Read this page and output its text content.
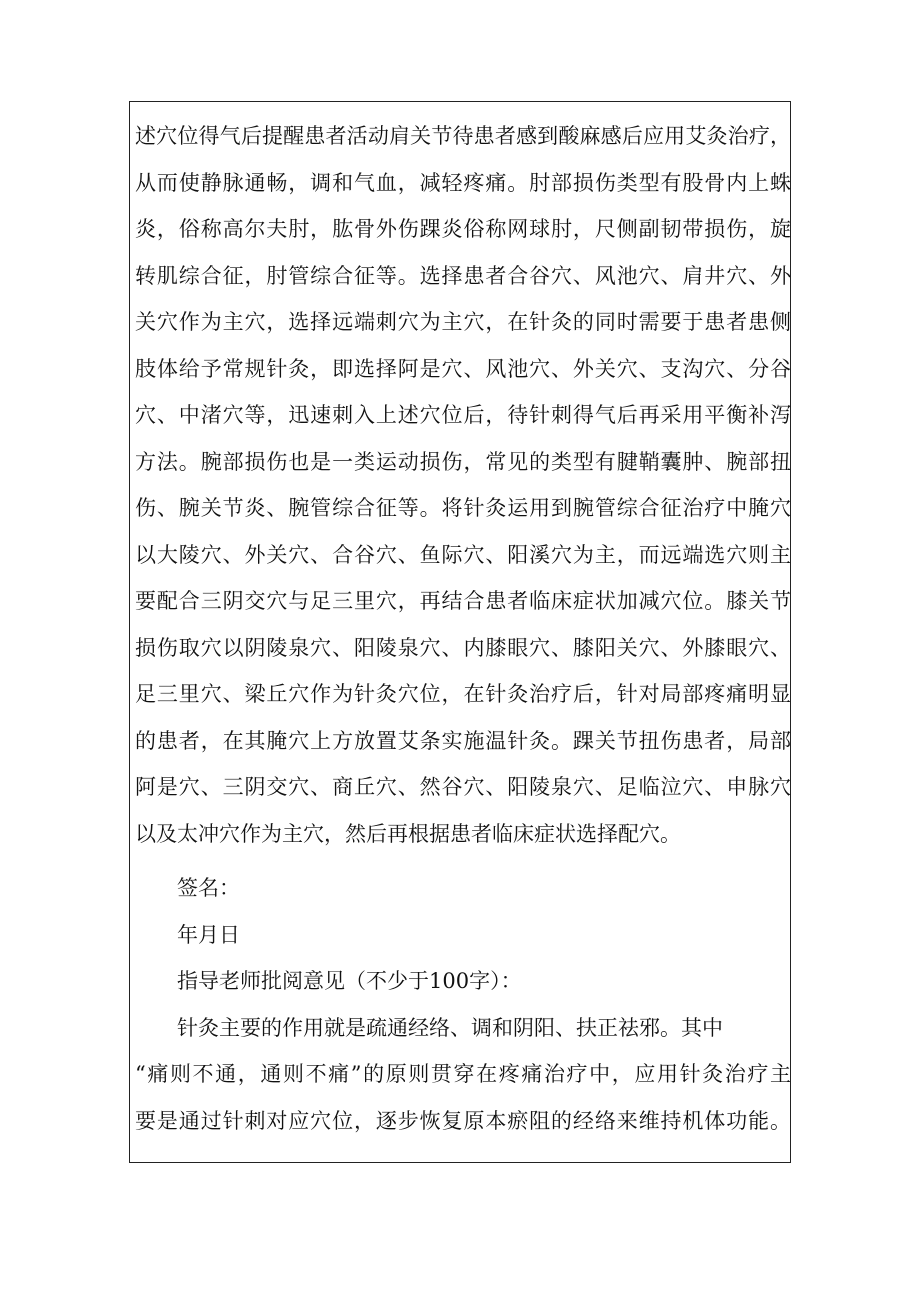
述穴位得气后提醒患者活动肩关节待患者感到酸麻感后应用艾灸治疗，
从而使静脉通畅，调和气血，减轻疼痛。肘部损伤类型有股骨内上蛛
炎，俗称高尔夫肘，肱骨外伤踝炎俗称网球肘，尺侧副韧带损伤，旋
转肌综合征，肘管综合征等。选择患者合谷穴、风池穴、肩井穴、外
关穴作为主穴，选择远端刺穴为主穴，在针灸的同时需要于患者患侧
肢体给予常规针灸，即选择阿是穴、风池穴、外关穴、支沟穴、分谷
穴、中渚穴等，迅速刺入上述穴位后，待针刺得气后再采用平衡补泻
方法。腕部损伤也是一类运动损伤，常见的类型有腱鞘囊肿、腕部扭
伤、腕关节炎、腕管综合征等。将针灸运用到腕管综合征治疗中腌穴
以大陵穴、外关穴、合谷穴、鱼际穴、阳溪穴为主，而远端选穴则主
要配合三阴交穴与足三里穴，再结合患者临床症状加减穴位。膝关节
损伤取穴以阴陵泉穴、阳陵泉穴、内膝眼穴、膝阳关穴、外膝眼穴、
足三里穴、梁丘穴作为针灸穴位，在针灸治疗后，针对局部疼痛明显
的患者，在其腌穴上方放置艾条实施温针灸。踝关节扭伤患者，局部
阿是穴、三阴交穴、商丘穴、然谷穴、阳陵泉穴、足临泣穴、申脉穴
以及太冲穴作为主穴，然后再根据患者临床症状选择配穴。
签名：
年月日
指导老师批阅意见（不少于100字）：
针灸主要的作用就是疏通经络、调和阴阳、扶正祛邪。其中
“痛则不通，通则不痛”的原则贯穿在疼痛治疗中，应用针灸治疗主
要是通过针刺对应穴位，逐步恢复原本瘀阻的经络来维持机体功能。
